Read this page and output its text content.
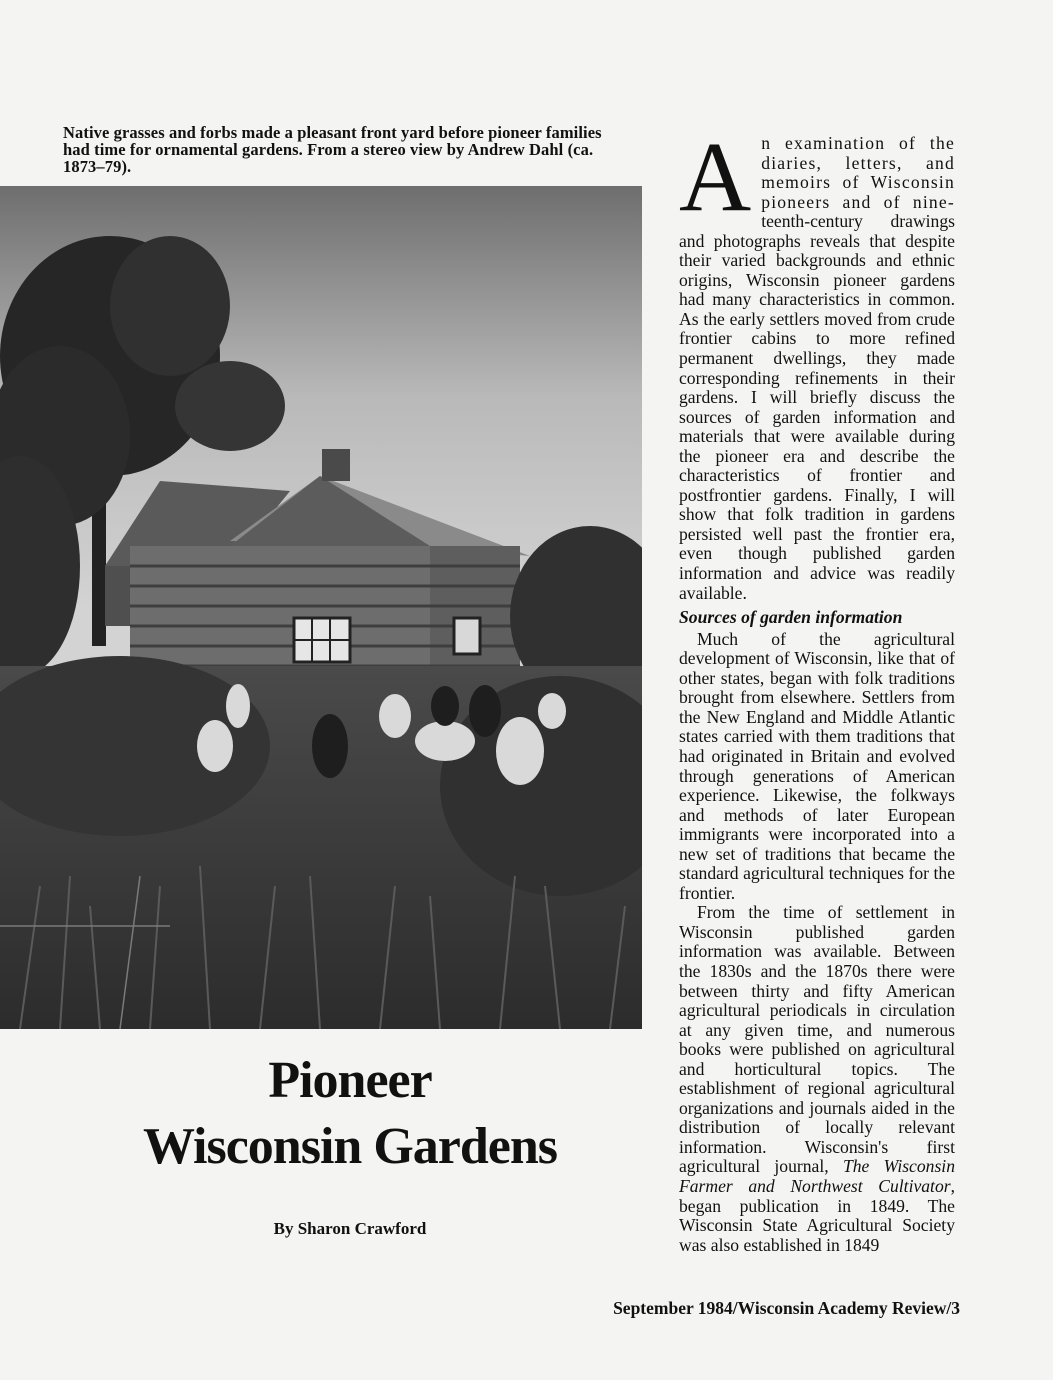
Native grasses and forbs made a pleasant front yard before pioneer families had time for ornamental gardens. From a stereo view by Andrew Dahl (ca. 1873–79).
Pioneer
Wisconsin Gardens
By Sharon Crawford
A n examination of the diaries, letters, and memoirs of Wisconsin pioneers and of nine-teenth-century drawings and photographs reveals that despite their varied backgrounds and ethnic origins, Wisconsin pioneer gardens had many characteristics in common. As the early settlers moved from crude frontier cabins to more refined permanent dwellings, they made corresponding refinements in their gardens. I will briefly discuss the sources of garden information and materials that were available during the pioneer era and describe the characteristics of frontier and postfrontier gardens. Finally, I will show that folk tradition in gardens persisted well past the frontier era, even though published garden information and advice was readily available.

Sources of garden information

Much of the agricultural development of Wisconsin, like that of other states, began with folk traditions brought from elsewhere. Settlers from the New England and Middle Atlantic states carried with them traditions that had originated in Britain and evolved through generations of American experience. Likewise, the folkways and methods of later European immigrants were incorporated into a new set of traditions that became the standard agricultural techniques for the frontier.

From the time of settlement in Wisconsin published garden information was available. Between the 1830s and the 1870s there were between thirty and fifty American agricultural periodicals in circulation at any given time, and numerous books were published on agricultural and horticultural topics. The establishment of regional agricultural organizations and journals aided in the distribution of locally relevant information. Wisconsin's first agricultural journal, The Wisconsin Farmer and Northwest Cultivator, began publication in 1849. The Wisconsin State Agricultural Society was also established in 1849

September 1984/Wisconsin Academy Review/3
